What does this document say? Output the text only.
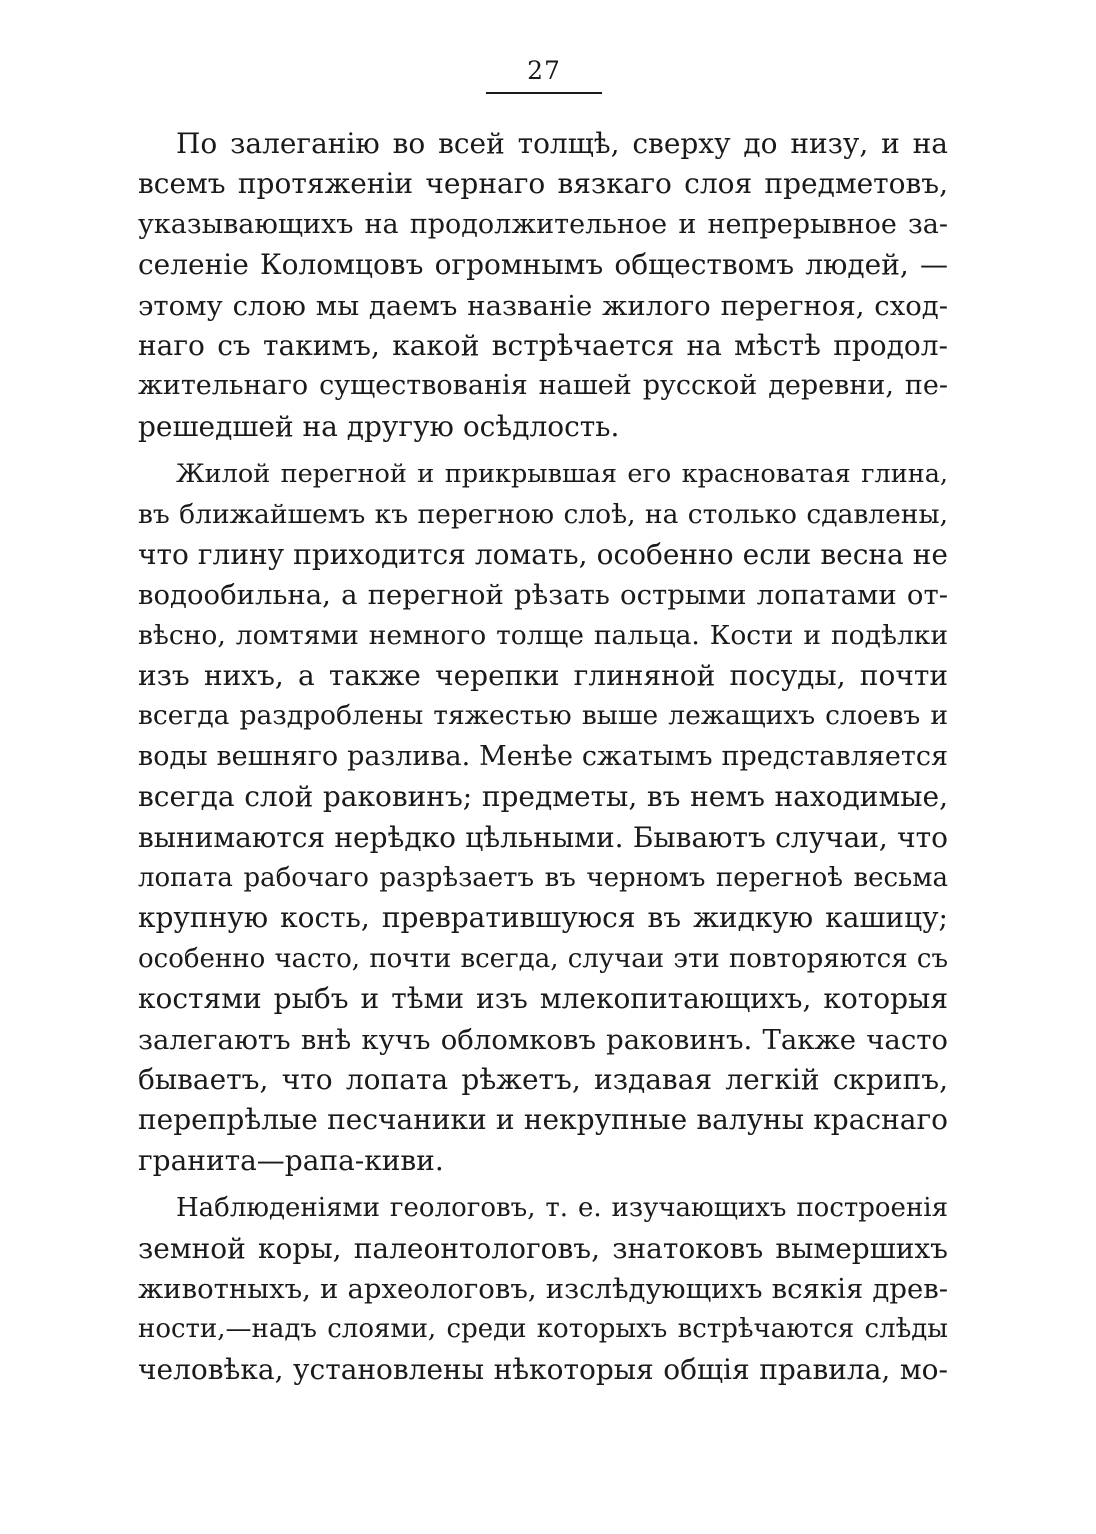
27
По залеганію во всей толщѣ, сверху до низу, и на
всемъ протяженіи чернаго вязкаго слоя предметовъ,
указывающихъ на продолжительное и непрерывное за-
селеніе Коломцовъ огромнымъ обществомъ людей, —
этому слою мы даемъ названіе жилого перегноя, сход-
наго съ такимъ, какой встрѣчается на мѣстѣ продол-
жительнаго существованія нашей русской деревни, пе-
решедшей на другую осѣдлость.
Жилой перегной и прикрывшая его красноватая глина,
въ ближайшемъ къ перегною слоѣ, на столько сдавлены,
что глину приходится ломать, особенно если весна не
водообильна, а перегной рѣзать острыми лопатами от-
вѣсно, ломтями немного толще пальца. Кости и подѣлки
изъ нихъ, а также черепки глиняной посуды, почти
всегда раздроблены тяжестью выше лежащихъ слоевъ и
воды вешняго разлива. Менѣе сжатымъ представляется
всегда слой раковинъ; предметы, въ немъ находимые,
вынимаются нерѣдко цѣльными. Бываютъ случаи, что
лопата рабочаго разрѣзаетъ въ черномъ перегноѣ весьма
крупную кость, превратившуюся въ жидкую кашицу;
особенно часто, почти всегда, случаи эти повторяются съ
костями рыбъ и тѣми изъ млекопитающихъ, которыя
залегаютъ внѣ кучъ обломковъ раковинъ. Также часто
бываетъ, что лопата рѣжетъ, издавая легкій скрипъ,
перепрѣлые песчаники и некрупные валуны краснаго
гранита—рапа-киви.
Наблюденіями геологовъ, т. е. изучающихъ построенія
земной коры, палеонтологовъ, знатоковъ вымершихъ
животныхъ, и археологовъ, изслѣдующихъ всякія древ-
ности,—надъ слоями, среди которыхъ встрѣчаются слѣды
человѣка, установлены нѣкоторыя общія правила, мо-
